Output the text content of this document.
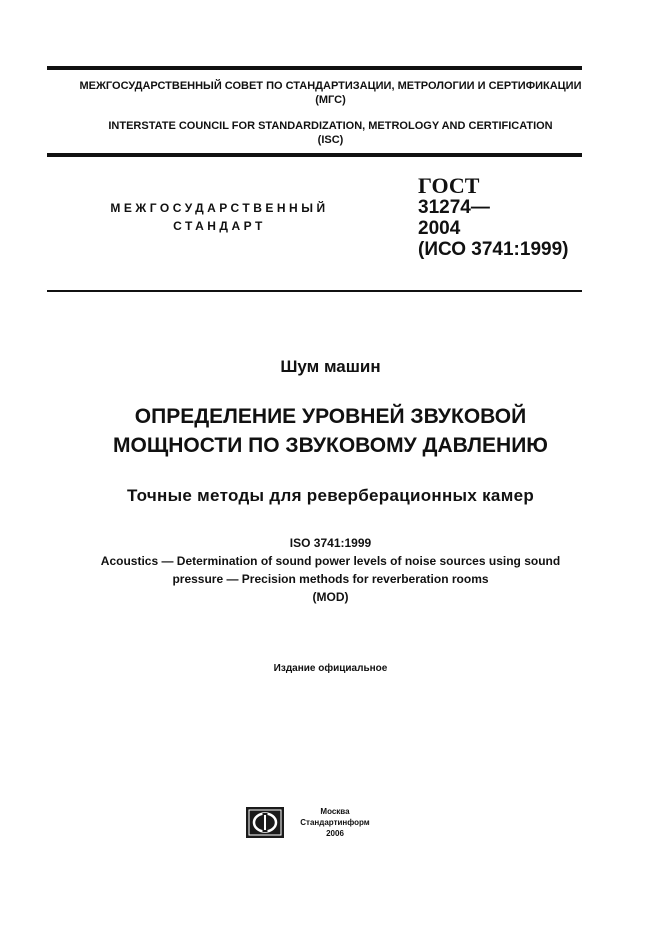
МЕЖГОСУДАРСТВЕННЫЙ СОВЕТ ПО СТАНДАРТИЗАЦИИ, МЕТРОЛОГИИ И СЕРТИФИКАЦИИ
(МГС)
INTERSTATE COUNCIL FOR STANDARDIZATION, METROLOGY AND CERTIFICATION
(ISC)
МЕЖГОСУДАРСТВЕННЫЙ
СТАНДАРТ
ГОСТ
31274—
2004
(ИСО 3741:1999)
Шум машин
ОПРЕДЕЛЕНИЕ УРОВНЕЙ ЗВУКОВОЙ
МОЩНОСТИ ПО ЗВУКОВОМУ ДАВЛЕНИЮ
Точные методы для реверберационных камер
ISO 3741:1999
Acoustics — Determination of sound power levels of noise sources using sound
pressure — Precision methods for reverberation rooms
(MOD)
Издание официальное
Москва
Стандартинформ
2006
